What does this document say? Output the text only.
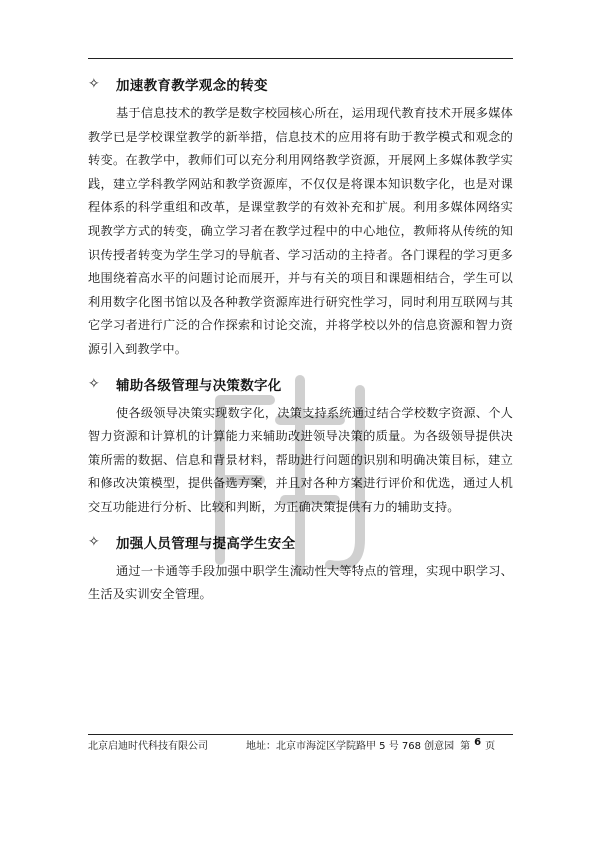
✧	加速教育教学观念的转变

基于信息技术的教学是数字校园核心所在，运用现代教育技术开展多媒体教学已是学校课堂教学的新举措，信息技术的应用将有助于教学模式和观念的转变。在教学中，教师们可以充分利用网络教学资源，开展网上多媒体教学实践，建立学科教学网站和教学资源库，不仅仅是将课本知识数字化，也是对课程体系的科学重组和改革，是课堂教学的有效补充和扩展。利用多媒体网络实现教学方式的转变，确立学习者在教学过程中的中心地位，教师将从传统的知识传授者转变为学生学习的导航者、学习活动的主持者。各门课程的学习更多地围绕着高水平的问题讨论而展开，并与有关的项目和课题相结合，学生可以利用数字化图书馆以及各种教学资源库进行研究性学习，同时利用互联网与其它学习者进行广泛的合作探索和讨论交流，并将学校以外的信息资源和智力资源引入到教学中。

✧	辅助各级管理与决策数字化

使各级领导决策实现数字化，决策支持系统通过结合学校数字资源、个人智力资源和计算机的计算能力来辅助改进领导决策的质量。为各级领导提供决策所需的数据、信息和背景材料，帮助进行问题的识别和明确决策目标，建立和修改决策模型，提供备选方案，并且对各种方案进行评价和优选，通过人机交互功能进行分析、比较和判断，为正确决策提供有力的辅助支持。

✧	加强人员管理与提高学生安全

通过一卡通等手段加强中职学生流动性大等特点的管理，实现中职学习、生活及实训安全管理。

北京启迪时代科技有限公司	地址：北京市海淀区学院路甲 5 号 768 创意园 第 6 页
